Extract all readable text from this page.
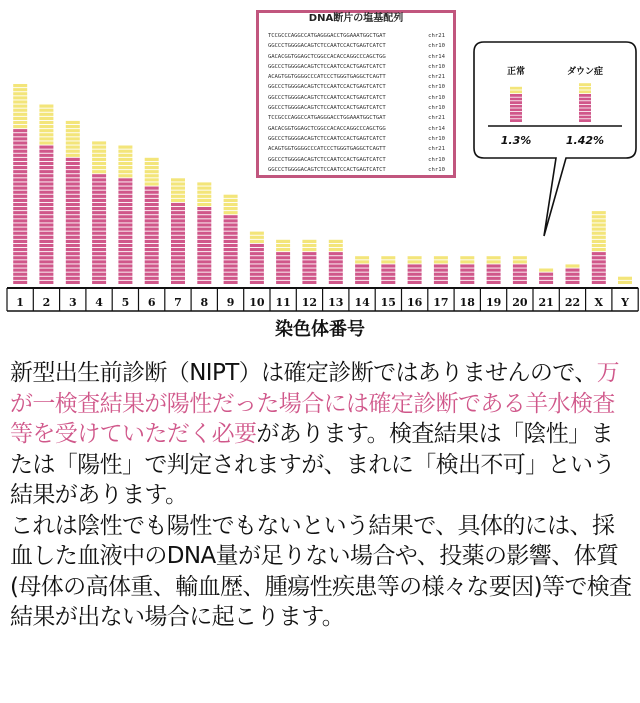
1 2 3 4 5 6 7 8 9 10 11 12 13 14 15 16 17 18 19 20 21 22 X Y
DNA断片の塩基配列
TCCGCCCAGGCCATGAGGGACCTGGAAATGGCTGAT	chr21
GGCCCTGGGGACAGTCTCCAATCCACTGAGTCATCT	chr10
GACACGGTGGAGCTCGGCCACACCAGGCCCAGCTGG	chr14
GGCCCTGGGGACAGTCTCCAATCCACTGAGTCATCT	chr10
ACAGTGGTGGGGCCCATCCCTGGGTGAGGCTCAGTT	chr21
GGCCCTGGGGACAGTCTCCAATCCACTGAGTCATCT	chr10
GGCCCTGGGGACAGTCTCCAATCCACTGAGTCATCT	chr10
GGCCCTGGGGACAGTCTCCAATCCACTGAGTCATCT	chr10
TCCGCCCAGGCCATGAGGGACCTGGAAATGGCTGAT	chr21
GACACGGTGGAGCTCGGCCACACCAGGCCCAGCTGG	chr14
GGCCCTGGGGACAGTCTCCAATCCACTGAGTCATCT	chr10
ACAGTGGTGGGGCCCATCCCTGGGTGAGGCTCAGTT	chr21
GGCCCTGGGGACAGTCTCCAATCCACTGAGTCATCT	chr10
GGCCCTGGGGACAGTCTCCAATCCACTGAGTCATCT	chr10
正常	ダウン症
1.3%	1.42%
染色体番号
新型出生前診断（NIPT）は確定診断ではありませんので、万が一検査結果が陽性だった場合には確定診断である羊水検査等を受けていただく必要があります。検査結果は「陰性」または「陽性」で判定されますが、まれに「検出不可」という結果があります。
これは陰性でも陽性でもないという結果で、具体的には、採血した血液中のDNA量が足りない場合や、投薬の影響、体質(母体の高体重、輸血歴、腫瘍性疾患等の様々な要因)等で検査結果が出ない場合に起こります。
